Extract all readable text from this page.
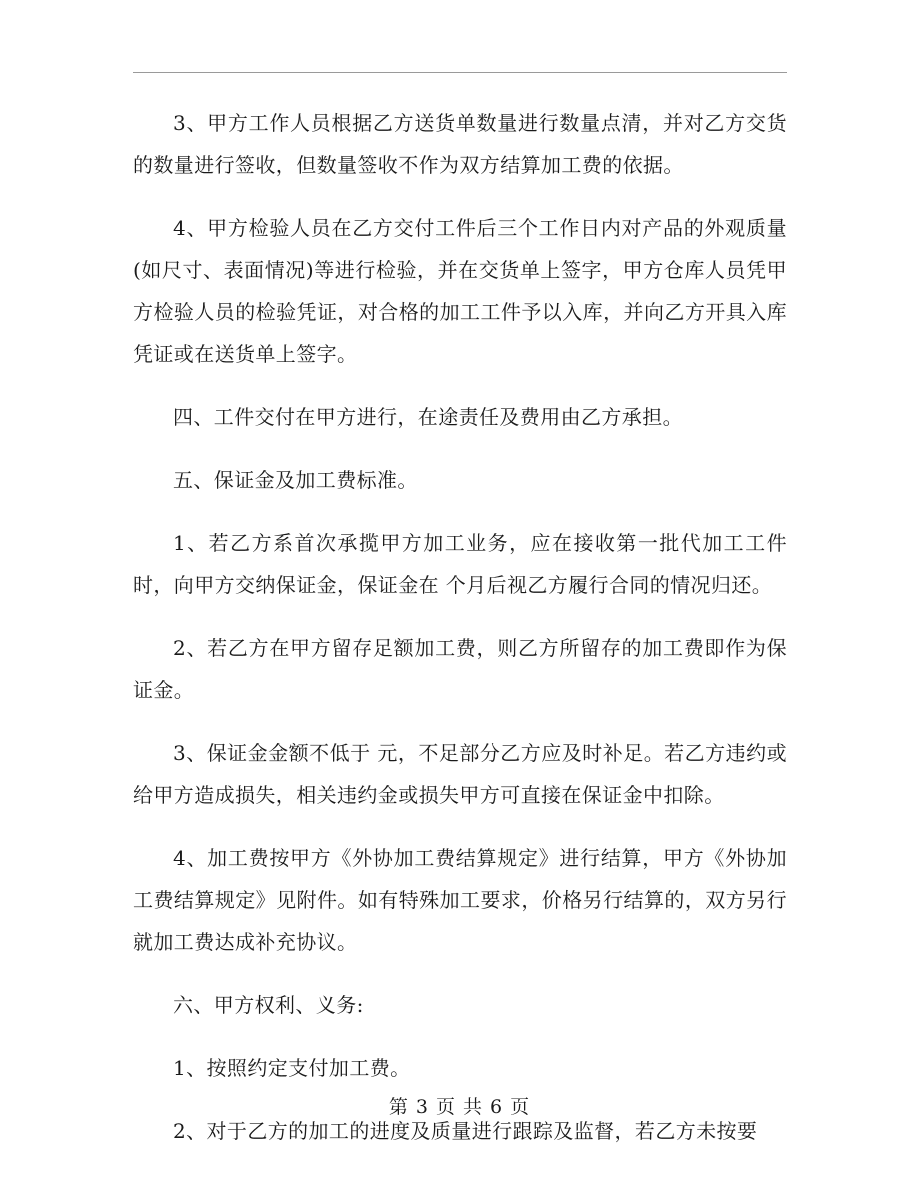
3、甲方工作人员根据乙方送货单数量进行数量点清，并对乙方交货的数量进行签收，但数量签收不作为双方结算加工费的依据。

4、甲方检验人员在乙方交付工件后三个工作日内对产品的外观质量(如尺寸、表面情况)等进行检验，并在交货单上签字，甲方仓库人员凭甲方检验人员的检验凭证，对合格的加工工件予以入库，并向乙方开具入库凭证或在送货单上签字。

四、工件交付在甲方进行，在途责任及费用由乙方承担。

五、保证金及加工费标准。

1、若乙方系首次承揽甲方加工业务，应在接收第一批代加工工件时，向甲方交纳保证金，保证金在 个月后视乙方履行合同的情况归还。

2、若乙方在甲方留存足额加工费，则乙方所留存的加工费即作为保证金。

3、保证金金额不低于 元，不足部分乙方应及时补足。若乙方违约或给甲方造成损失，相关违约金或损失甲方可直接在保证金中扣除。

4、加工费按甲方《外协加工费结算规定》进行结算，甲方《外协加工费结算规定》见附件。如有特殊加工要求，价格另行结算的，双方另行就加工费达成补充协议。

六、甲方权利、义务:

1、按照约定支付加工费。

2、对于乙方的加工的进度及质量进行跟踪及监督，若乙方未按要

第 3 页 共 6 页
